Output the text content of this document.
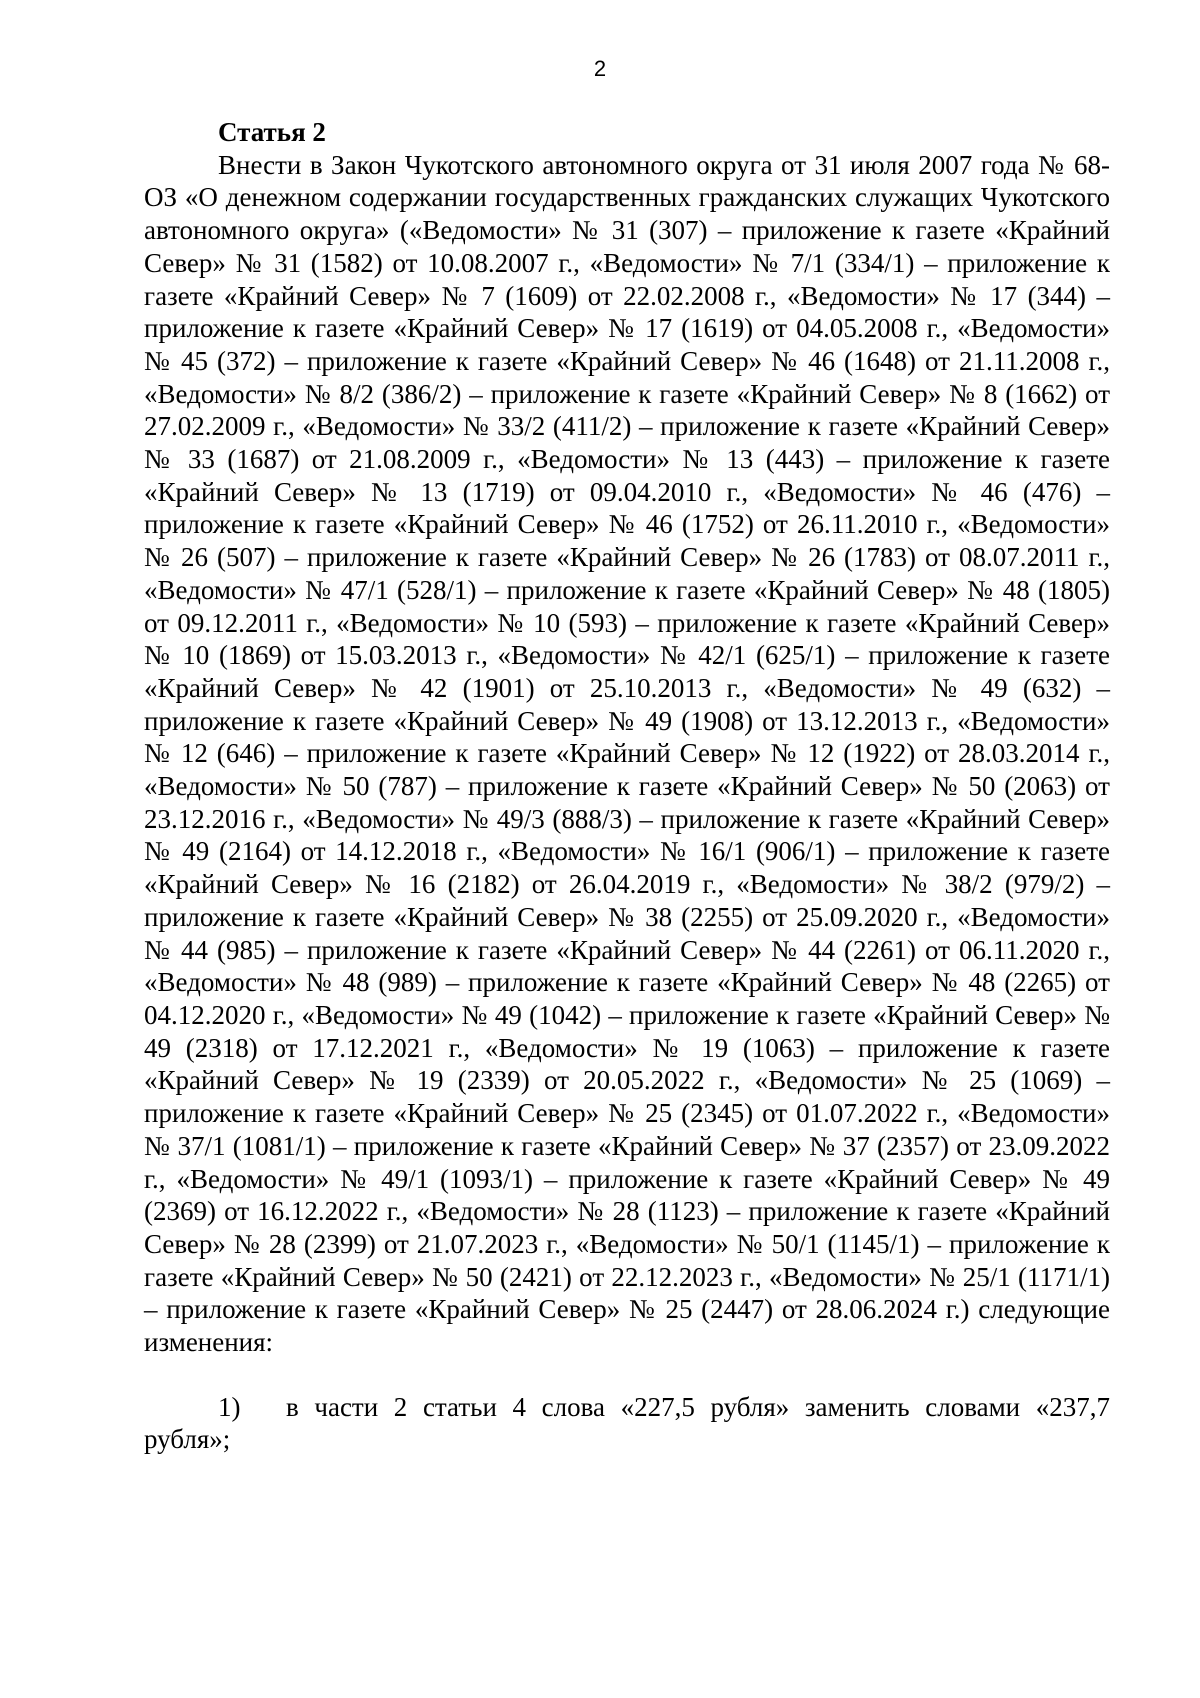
2

Статья 2

Внести в Закон Чукотского автономного округа от 31 июля 2007 года № 68-ОЗ «О денежном содержании государственных гражданских служащих Чукотского автономного округа» («Ведомости» № 31 (307) – приложение к газете «Крайний Север» № 31 (1582) от 10.08.2007 г., «Ведомости» № 7/1 (334/1) – приложение к газете «Крайний Север» № 7 (1609) от 22.02.2008 г., «Ведомости» № 17 (344) – приложение к газете «Крайний Север» № 17 (1619) от 04.05.2008 г., «Ведомости» № 45 (372) – приложение к газете «Крайний Север» № 46 (1648) от 21.11.2008 г., «Ведомости» № 8/2 (386/2) – приложение к газете «Крайний Север» № 8 (1662) от 27.02.2009 г., «Ведомости» № 33/2 (411/2) – приложение к газете «Крайний Север» № 33 (1687) от 21.08.2009 г., «Ведомости» № 13 (443) – приложение к газете «Крайний Север» № 13 (1719) от 09.04.2010 г., «Ведомости» № 46 (476) – приложение к газете «Крайний Север» № 46 (1752) от 26.11.2010 г., «Ведомости» № 26 (507) – приложение к газете «Крайний Север» № 26 (1783) от 08.07.2011 г., «Ведомости» № 47/1 (528/1) – приложение к газете «Крайний Север» № 48 (1805) от 09.12.2011 г., «Ведомости» № 10 (593) – приложение к газете «Крайний Север» № 10 (1869) от 15.03.2013 г., «Ведомости» № 42/1 (625/1) – приложение к газете «Крайний Север» № 42 (1901) от 25.10.2013 г., «Ведомости» № 49 (632) – приложение к газете «Крайний Север» № 49 (1908) от 13.12.2013 г., «Ведомости» № 12 (646) – приложение к газете «Крайний Север» № 12 (1922) от 28.03.2014 г., «Ведомости» № 50 (787) – приложение к газете «Крайний Север» № 50 (2063) от 23.12.2016 г., «Ведомости» № 49/3 (888/3) – приложение к газете «Крайний Север» № 49 (2164) от 14.12.2018 г., «Ведомости» № 16/1 (906/1) – приложение к газете «Крайний Север» № 16 (2182) от 26.04.2019 г., «Ведомости» № 38/2 (979/2) – приложение к газете «Крайний Север» № 38 (2255) от 25.09.2020 г., «Ведомости» № 44 (985) – приложение к газете «Крайний Север» № 44 (2261) от 06.11.2020 г., «Ведомости» № 48 (989) – приложение к газете «Крайний Север» № 48 (2265) от 04.12.2020 г., «Ведомости» № 49 (1042) – приложение к газете «Крайний Север» № 49 (2318) от 17.12.2021 г., «Ведомости» № 19 (1063) – приложение к газете «Крайний Север» № 19 (2339) от 20.05.2022 г., «Ведомости» № 25 (1069) – приложение к газете «Крайний Север» № 25 (2345) от 01.07.2022 г., «Ведомости» № 37/1 (1081/1) – приложение к газете «Крайний Север» № 37 (2357) от 23.09.2022 г., «Ведомости» № 49/1 (1093/1) – приложение к газете «Крайний Север» № 49 (2369) от 16.12.2022 г., «Ведомости» № 28 (1123) – приложение к газете «Крайний Север» № 28 (2399) от 21.07.2023 г., «Ведомости» № 50/1 (1145/1) – приложение к газете «Крайний Север» № 50 (2421) от 22.12.2023 г., «Ведомости» № 25/1 (1171/1) – приложение к газете «Крайний Север» № 25 (2447) от 28.06.2024 г.) следующие изменения:

1) в части 2 статьи 4 слова «227,5 рубля» заменить словами «237,7 рубля»;
